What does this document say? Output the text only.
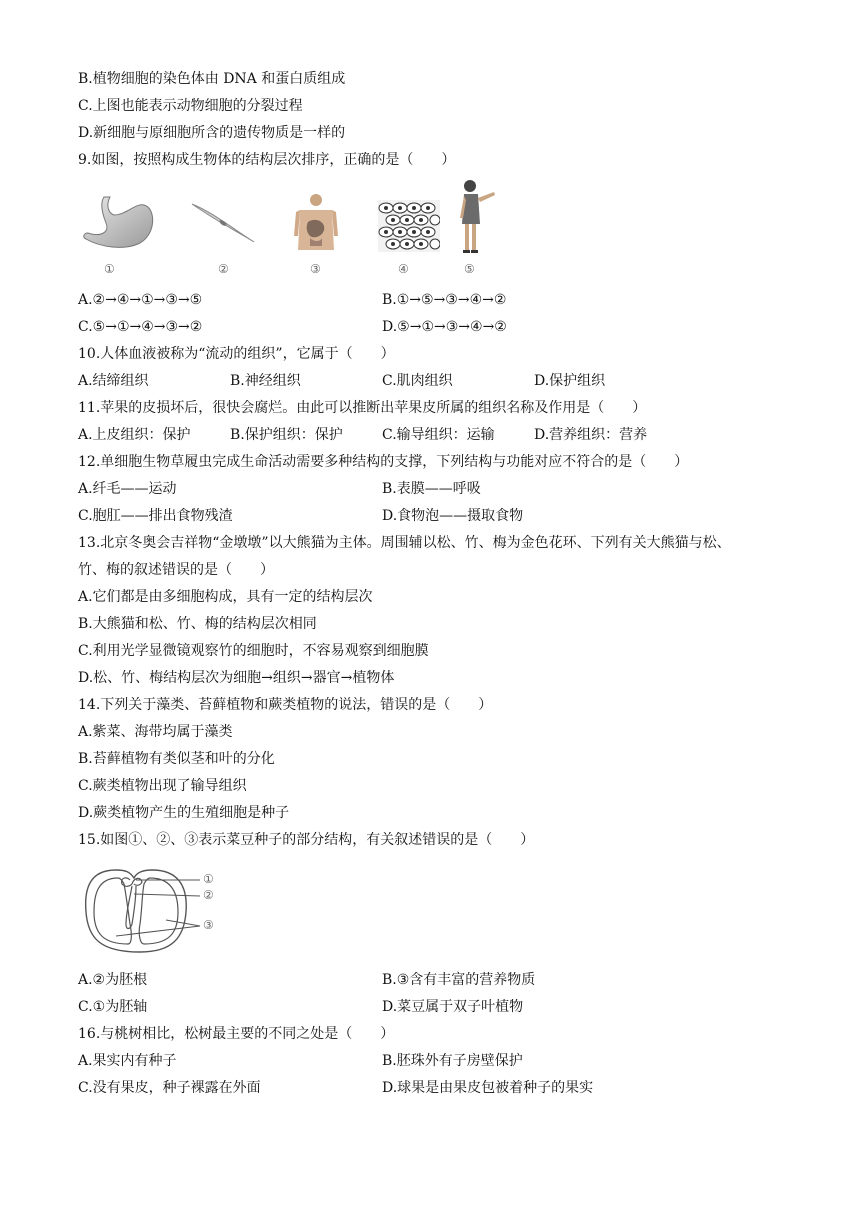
B.植物细胞的染色体由 DNA 和蛋白质组成
C.上图也能表示动物细胞的分裂过程
D.新细胞与原细胞所含的遗传物质是一样的
9.如图，按照构成生物体的结构层次排序，正确的是（　　）
①	②	③	④	⑤
A.②→④→①→③→⑤	B.①→⑤→③→④→②
C.⑤→①→④→③→②	D.⑤→①→③→④→②
10.人体血液被称为“流动的组织”，它属于（　　）
A.结缔组织	B.神经组织	C.肌肉组织	D.保护组织
11.苹果的皮损坏后，很快会腐烂。由此可以推断出苹果皮所属的组织名称及作用是（　　）
A.上皮组织：保护	B.保护组织：保护	C.输导组织：运输	D.营养组织：营养
12.单细胞生物草履虫完成生命活动需要多种结构的支撑，下列结构与功能对应不符合的是（　　）
A.纤毛——运动	B.表膜——呼吸
C.胞肛——排出食物残渣	D.食物泡——摄取食物
13.北京冬奥会吉祥物“金墩墩”以大熊猫为主体。周围辅以松、竹、梅为金色花环、下列有关大熊猫与松、
竹、梅的叙述错误的是（　　）
A.它们都是由多细胞构成，具有一定的结构层次
B.大熊猫和松、竹、梅的结构层次相同
C.利用光学显微镜观察竹的细胞时，不容易观察到细胞膜
D.松、竹、梅结构层次为细胞→组织→器官→植物体
14.下列关于藻类、苔藓植物和蕨类植物的说法，错误的是（　　）
A.紫菜、海带均属于藻类
B.苔藓植物有类似茎和叶的分化
C.蕨类植物出现了输导组织
D.蕨类植物产生的生殖细胞是种子
15.如图①、②、③表示菜豆种子的部分结构，有关叙述错误的是（　　）
①
②
③
A.②为胚根	B.③含有丰富的营养物质
C.①为胚轴	D.菜豆属于双子叶植物
16.与桃树相比，松树最主要的不同之处是（　　）
A.果实内有种子	B.胚珠外有子房壁保护
C.没有果皮，种子裸露在外面	D.球果是由果皮包被着种子的果实
